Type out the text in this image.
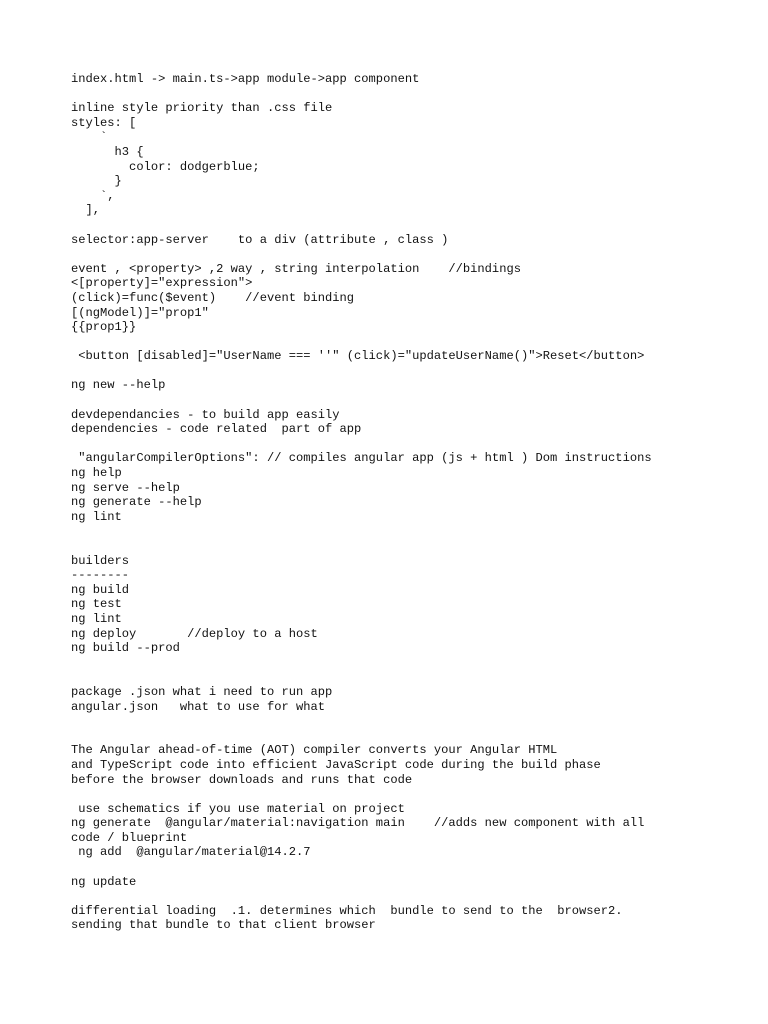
index.html -> main.ts->app module->app component
inline style priority than .css file
styles: [
`
h3 {
color: dodgerblue;
}
`,
],
selector:app-server    to a div (attribute , class )
event , <property> ,2 way , string interpolation    //bindings
<[property]="expression">
(click)=func($event)    //event binding
[(ngModel)]="prop1"
{{prop1}}
<button [disabled]="UserName === ''" (click)="updateUserName()">Reset</button>
ng new --help
devdependancies - to build app easily
dependencies - code related  part of app
"angularCompilerOptions": // compiles angular app (js + html ) Dom instructions
ng help
ng serve --help
ng generate --help
ng lint
builders
--------
ng build
ng test
ng lint
ng deploy       //deploy to a host
ng build --prod
package .json what i need to run app
angular.json   what to use for what
The Angular ahead-of-time (AOT) compiler converts your Angular HTML
and TypeScript code into efficient JavaScript code during the build phase
before the browser downloads and runs that code
use schematics if you use material on project
ng generate  @angular/material:navigation main    //adds new component with all
code / blueprint
ng add  @angular/material@14.2.7
ng update
differential loading  .1. determines which  bundle to send to the  browser2.
sending that bundle to that client browser
